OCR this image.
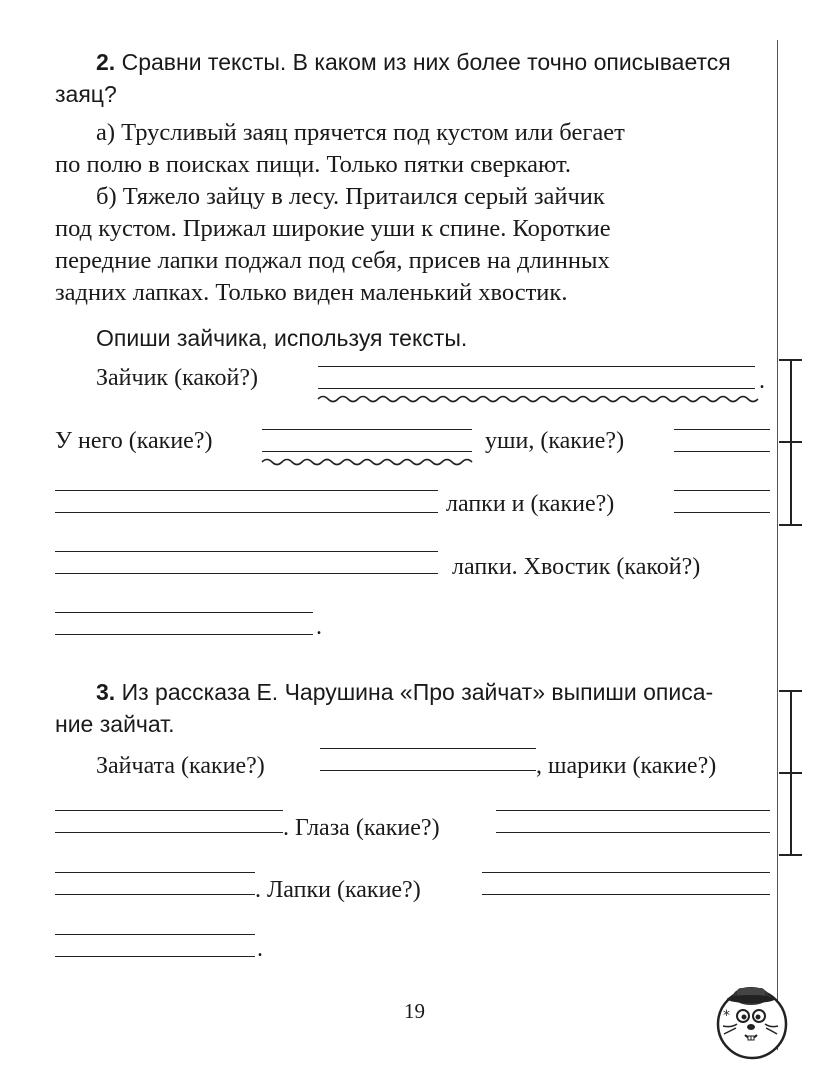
2. Сравни тексты. В каком из них более точно описывается
заяц?
а) Трусливый заяц прячется под кустом или бегает
по полю в поисках пищи. Только пятки сверкают.
б) Тяжело зайцу в лесу. Притаился серый зайчик
под кустом. Прижал широкие уши к спине. Короткие
передние лапки поджал под себя, присев на длинных
задних лапках. Только виден маленький хвостик.
Опиши зайчика, используя тексты.
Зайчик (какой?)	.
У него (какие?)	уши, (какие?)
лапки и (какие?)
лапки. Хвостик (какой?)
.
3. Из рассказа Е. Чарушина «Про зайчат» выпиши описа-
ние зайчат.
Зайчата (какие?)	, шарики (какие?)
. Глаза (какие?)
. Лапки (какие?)
.
19	*
